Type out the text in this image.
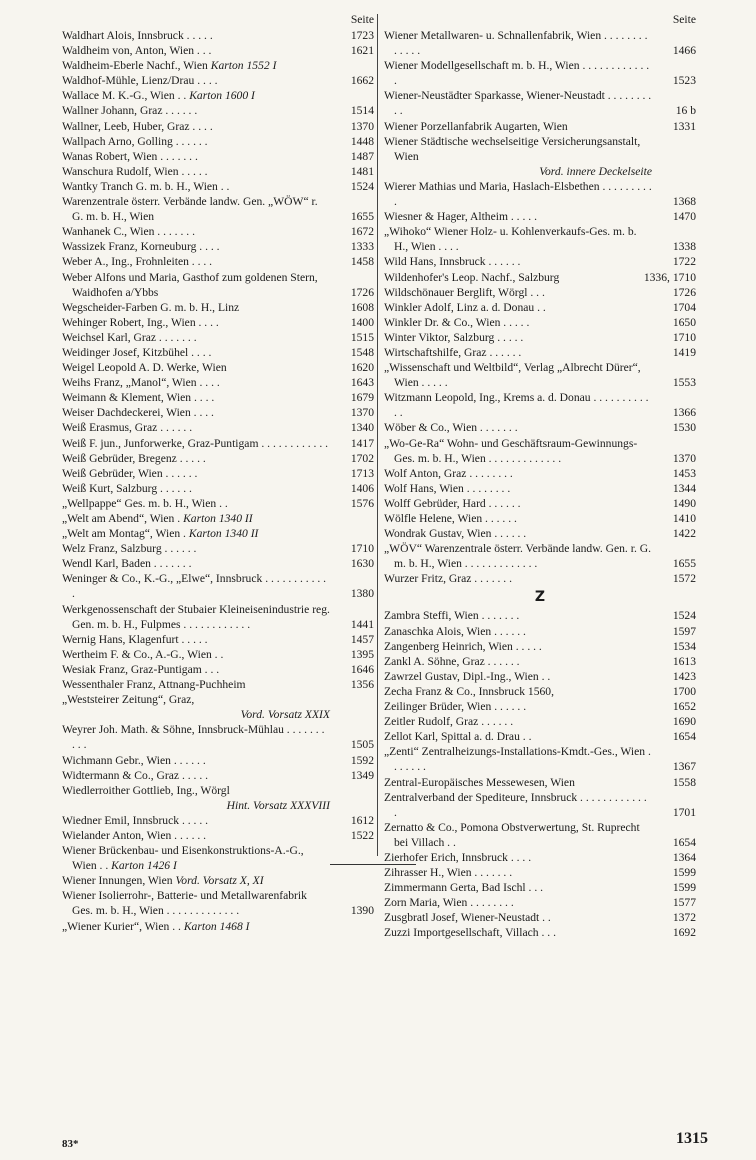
Seite
Waldhart Alois, Innsbruck . . . . .	1723
Waldheim von, Anton, Wien . . .	1621
Waldheim-Eberle Nachf., Wien Karton 1552 I
Waldhof-Mühle, Lienz/Drau . . . .	1662
Wallace M. K.-G., Wien . . Karton 1600 I
Wallner Johann, Graz . . . . . .	1514
Wallner, Leeb, Huber, Graz . . . .	1370
Wallpach Arno, Golling . . . . . .	1448
Wanas Robert, Wien . . . . . . .	1487
Wanschura Rudolf, Wien . . . . .	1481
Wantky Tranch G. m. b. H., Wien . .	1524
Warenzentrale österr. Verbände landw. Gen. „WÖW“ r. G. m. b. H., Wien	1655
Wanhanek C., Wien . . . . . . .	1672
Wassizek Franz, Korneuburg . . . .	1333
Weber A., Ing., Frohnleiten . . . .	1458
Weber Alfons und Maria, Gasthof zum goldenen Stern, Waidhofen a/Ybbs	1726
Wegscheider-Farben G. m. b. H., Linz	1608
Wehinger Robert, Ing., Wien . . . .	1400
Weichsel Karl, Graz . . . . . . .	1515
Weidinger Josef, Kitzbühel . . . .	1548
Weigel Leopold A. D. Werke, Wien	1620
Weihs Franz, „Manol“, Wien . . . .	1643
Weimann & Klement, Wien . . . .	1679
Weiser Dachdeckerei, Wien . . . .	1370
Weiß Erasmus, Graz . . . . . .	1340
Weiß F. jun., Junforwerke, Graz-Puntigam . . . . . . . . . . . .	1417
Weiß Gebrüder, Bregenz . . . . .	1702
Weiß Gebrüder, Wien . . . . . .	1713
Weiß Kurt, Salzburg . . . . . .	1406
„Wellpappe“ Ges. m. b. H., Wien . .	1576
„Welt am Abend“, Wien . Karton 1340 II
„Welt am Montag“, Wien . Karton 1340 II
Welz Franz, Salzburg . . . . . .	1710
Wendl Karl, Baden . . . . . . .	1630
Weninger & Co., K.-G., „Elwe“, Innsbruck . . . . . . . . . . . .	1380
Werkgenossenschaft der Stubaier Kleineisenindustrie reg. Gen. m. b. H., Fulpmes . . . . . . . . . . . .	1441
Wernig Hans, Klagenfurt . . . . .	1457
Wertheim F. & Co., A.-G., Wien . .	1395
Wesiak Franz, Graz-Puntigam . . .	1646
Wessenthaler Franz, Attnang-Puchheim	1356
„Weststeirer Zeitung“, Graz,
Vord. Vorsatz XXIX
Weyrer Joh. Math. & Söhne, Innsbruck-Mühlau . . . . . . . . . .	1505
Wichmann Gebr., Wien . . . . . .	1592
Widtermann & Co., Graz . . . . .	1349
Wiedlerroither Gottlieb, Ing., Wörgl
Hint. Vorsatz XXXVIII
Wiedner Emil, Innsbruck . . . . .	1612
Wielander Anton, Wien . . . . . .	1522
Wiener Brückenbau- und Eisenkonstruktions-A.-G., Wien . . Karton 1426 I
Wiener Innungen, Wien Vord. Vorsatz X, XI
Wiener Isolierrohr-, Batterie- und Metallwarenfabrik Ges. m. b. H., Wien . . . . . . . . . . . . .	1390
„Wiener Kurier“, Wien . . Karton 1468 I
Seite
Wiener Metallwaren- u. Schnallenfabrik, Wien . . . . . . . . . . . . .	1466
Wiener Modellgesellschaft m. b. H., Wien . . . . . . . . . . . . .	1523
Wiener-Neustädter Sparkasse, Wiener-Neustadt . . . . . . . . . .	16 b
Wiener Porzellanfabrik Augarten, Wien	1331
Wiener Städtische wechselseitige Versicherungsanstalt, Wien
Vord. innere Deckelseite
Wierer Mathias und Maria, Haslach-Elsbethen . . . . . . . . . .	1368
Wiesner & Hager, Altheim . . . . .	1470
„Wihoko“ Wiener Holz- u. Kohlenverkaufs-Ges. m. b. H., Wien . . . .	1338
Wild Hans, Innsbruck . . . . . .	1722
Wildenhofer's Leop. Nachf., Salzburg	1336, 1710
Wildschönauer Berglift, Wörgl . . .	1726
Winkler Adolf, Linz a. d. Donau . .	1704
Winkler Dr. & Co., Wien . . . . .	1650
Winter Viktor, Salzburg . . . . .	1710
Wirtschaftshilfe, Graz . . . . . .	1419
„Wissenschaft und Weltbild“, Verlag „Albrecht Dürer“, Wien . . . . .	1553
Witzmann Leopold, Ing., Krems a. d. Donau . . . . . . . . . . . .	1366
Wöber & Co., Wien . . . . . . .	1530
„Wo-Ge-Ra“ Wohn- und Geschäftsraum-Gewinnungs-Ges. m. b. H., Wien . . . . . . . . . . . . .	1370
Wolf Anton, Graz . . . . . . . .	1453
Wolf Hans, Wien . . . . . . . .	1344
Wolff Gebrüder, Hard . . . . . .	1490
Wölfle Helene, Wien . . . . . .	1410
Wondrak Gustav, Wien . . . . . .	1422
„WÖV“ Warenzentrale österr. Verbände landw. Gen. r. G. m. b. H., Wien . . . . . . . . . . . . .	1655
Wurzer Fritz, Graz . . . . . . .	1572
Z
Zambra Steffi, Wien . . . . . . .	1524
Zanaschka Alois, Wien . . . . . .	1597
Zangenberg Heinrich, Wien . . . . .	1534
Zankl A. Söhne, Graz . . . . . .	1613
Zawrzel Gustav, Dipl.-Ing., Wien . .	1423
Zecha Franz & Co., Innsbruck 1560,	1700
Zeilinger Brüder, Wien . . . . . .	1652
Zeitler Rudolf, Graz . . . . . .	1690
Zellot Karl, Spittal a. d. Drau . .	1654
„Zenti“ Zentralheizungs-Installations-Kmdt.-Ges., Wien . . . . . . .	1367
Zentral-Europäisches Messewesen, Wien	1558
Zentralverband der Spediteure, Innsbruck . . . . . . . . . . . . .	1701
Zernatto & Co., Pomona Obstverwertung, St. Ruprecht bei Villach . .	1654
Zierhofer Erich, Innsbruck . . . .	1364
Zihrasser H., Wien . . . . . . .	1599
Zimmermann Gerta, Bad Ischl . . .	1599
Zorn Maria, Wien . . . . . . . .	1577
Zusgbratl Josef, Wiener-Neustadt . .	1372
Zuzzi Importgesellschaft, Villach . . .	1692
83*	1315
